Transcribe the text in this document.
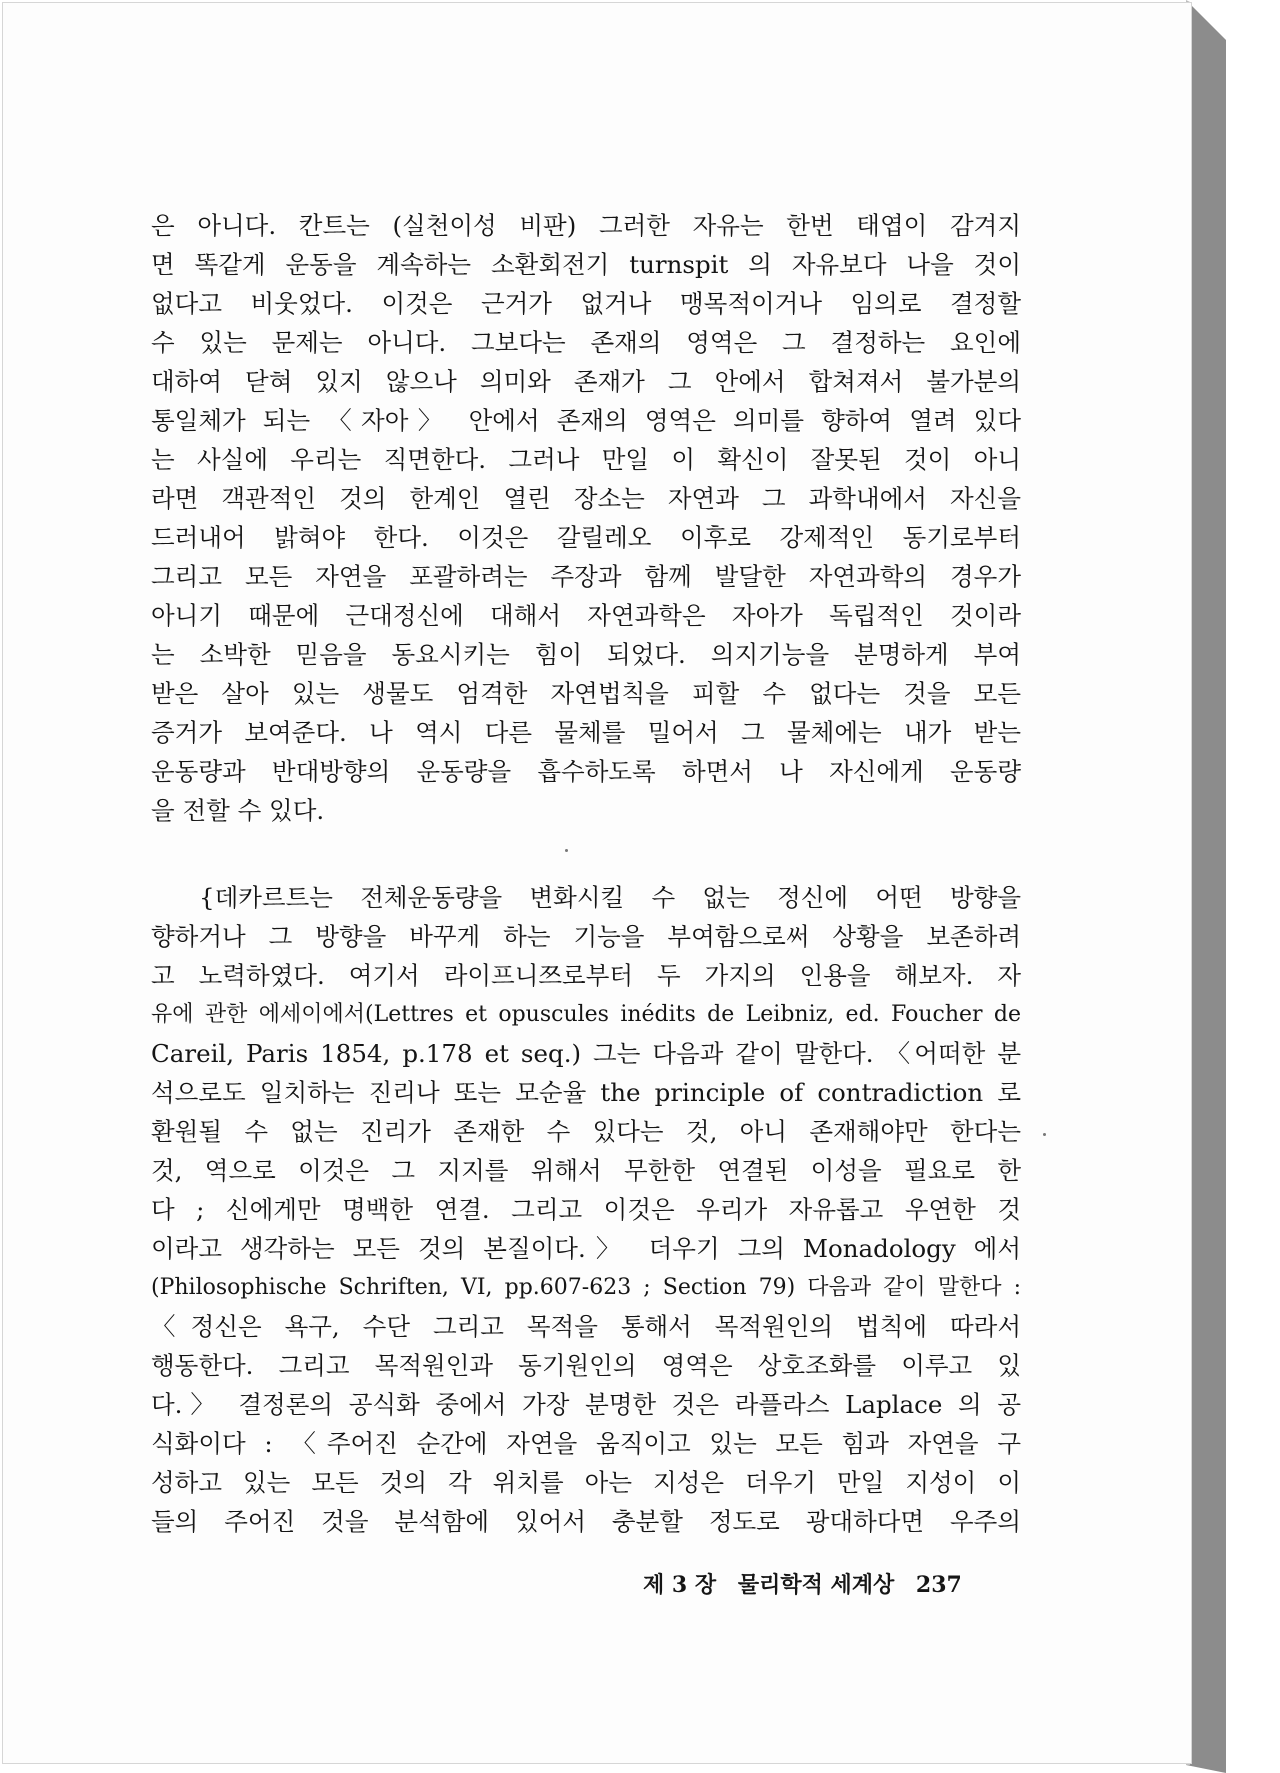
은 아니다. 칸트는 (실천이성 비판) 그러한 자유는 한번 태엽이 감겨지
면 똑같게 운동을 계속하는 소환회전기 turnspit 의 자유보다 나을 것이
없다고 비웃었다. 이것은 근거가 없거나 맹목적이거나 임의로 결정할
수 있는 문제는 아니다. 그보다는 존재의 영역은 그 결정하는 요인에
대하여 닫혀 있지 않으나 의미와 존재가 그 안에서 합쳐져서 불가분의
통일체가 되는 〈자아〉 안에서 존재의 영역은 의미를 향하여 열려 있다
는 사실에 우리는 직면한다. 그러나 만일 이 확신이 잘못된 것이 아니
라면 객관적인 것의 한계인 열린 장소는 자연과 그 과학내에서 자신을
드러내어 밝혀야 한다. 이것은 갈릴레오 이후로 강제적인 동기로부터
그리고 모든 자연을 포괄하려는 주장과 함께 발달한 자연과학의 경우가
아니기 때문에 근대정신에 대해서 자연과학은 자아가 독립적인 것이라
는 소박한 믿음을 동요시키는 힘이 되었다. 의지기능을 분명하게 부여
받은 살아 있는 생물도 엄격한 자연법칙을 피할 수 없다는 것을 모든
증거가 보여준다. 나 역시 다른 물체를 밀어서 그 물체에는 내가 받는
운동량과 반대방향의 운동량을 흡수하도록 하면서 나 자신에게 운동량
을 전할 수 있다.
{데카르트는 전체운동량을 변화시킬 수 없는 정신에 어떤 방향을
향하거나 그 방향을 바꾸게 하는 기능을 부여함으로써 상황을 보존하려
고 노력하였다. 여기서 라이프니쯔로부터 두 가지의 인용을 해보자. 자
유에 관한 에세이에서(Lettres et opuscules inédits de Leibniz, ed. Foucher de
Careil, Paris 1854, p.178 et seq.) 그는 다음과 같이 말한다. 〈어떠한 분
석으로도 일치하는 진리나 또는 모순율 the principle of contradiction 로
환원될 수 없는 진리가 존재한 수 있다는 것, 아니 존재해야만 한다는
것, 역으로 이것은 그 지지를 위해서 무한한 연결된 이성을 필요로 한
다 ; 신에게만 명백한 연결. 그리고 이것은 우리가 자유롭고 우연한 것
이라고 생각하는 모든 것의 본질이다.〉 더우기 그의 Monadology 에서
(Philosophische Schriften, VI, pp.607-623 ; Section 79) 다음과 같이 말한다 :
〈정신은 욕구, 수단 그리고 목적을 통해서 목적원인의 법칙에 따라서
행동한다. 그리고 목적원인과 동기원인의 영역은 상호조화를 이루고 있
다.〉 결정론의 공식화 중에서 가장 분명한 것은 라플라스 Laplace 의 공
식화이다 : 〈주어진 순간에 자연을 움직이고 있는 모든 힘과 자연을 구
성하고 있는 모든 것의 각 위치를 아는 지성은 더우기 만일 지성이 이
들의 주어진 것을 분석함에 있어서 충분할 정도로 광대하다면 우주의
제 3 장 물리학적 세계상 237
